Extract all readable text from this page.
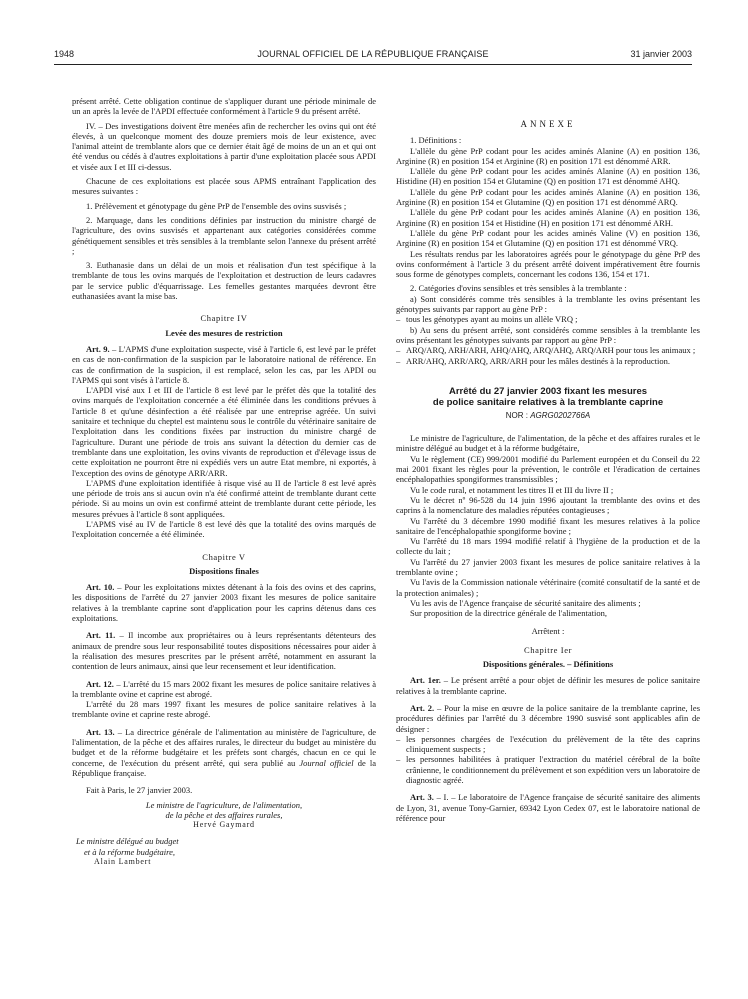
1948	JOURNAL OFFICIEL DE LA RÉPUBLIQUE FRANÇAISE	31 janvier 2003

présent arrêté. Cette obligation continue de s'appliquer durant une période minimale de un an après la levée de l'APDI effectuée conformément à l'article 9 du présent arrêté.

IV. – Des investigations doivent être menées afin de rechercher les ovins qui ont été élevés, à un quelconque moment des douze premiers mois de leur existence, avec l'animal atteint de tremblante alors que ce dernier était âgé de moins de un an et qui ont été vendus ou cédés à d'autres exploitations à partir d'une exploitation placée sous APDI et visée aux I et III ci-dessus.

Chacune de ces exploitations est placée sous APMS entraînant l'application des mesures suivantes :

1. Prélèvement et génotypage du gène PrP de l'ensemble des ovins susvisés ;

2. Marquage, dans les conditions définies par instruction du ministre chargé de l'agriculture, des ovins susvisés et appartenant aux catégories considérées comme génétiquement sensibles et très sensibles à la tremblante selon l'annexe du présent arrêté ;

3. Euthanasie dans un délai de un mois et réalisation d'un test spécifique à la tremblante de tous les ovins marqués de l'exploitation et destruction de leurs cadavres par le service public d'équarrissage. Les femelles gestantes marquées devront être euthanasiées avant la mise bas.

Chapitre IV
Levée des mesures de restriction

Art. 9. – L'APMS d'une exploitation suspecte, visé à l'article 6, est levé par le préfet en cas de non-confirmation de la suspicion par le laboratoire national de référence. En cas de confirmation de la suspicion, il est remplacé, selon les cas, par les APDI ou l'APMS qui sont visés à l'article 8.

L'APDI visé aux I et III de l'article 8 est levé par le préfet dès que la totalité des ovins marqués de l'exploitation concernée a été éliminée dans les conditions prévues à l'article 8 et qu'une désinfection a été réalisée par une entreprise agréée. Un suivi sanitaire et technique du cheptel est maintenu sous le contrôle du vétérinaire sanitaire de l'exploitation dans les conditions fixées par instruction du ministre chargé de l'agriculture. Durant une période de trois ans suivant la détection du dernier cas de tremblante dans une exploitation, les ovins vivants de reproduction et d'élevage issus de cette exploitation ne pourront être ni expédiés vers un autre Etat membre, ni exportés, à l'exception des ovins de génotype ARR/ARR.

L'APMS d'une exploitation identifiée à risque visé au II de l'article 8 est levé après une période de trois ans si aucun ovin n'a été confirmé atteint de tremblante durant cette période. Si au moins un ovin est confirmé atteint de tremblante durant cette période, les mesures prévues à l'article 8 sont appliquées.

L'APMS visé au IV de l'article 8 est levé dès que la totalité des ovins marqués de l'exploitation concernée a été éliminée.

Chapitre V
Dispositions finales

Art. 10. – Pour les exploitations mixtes détenant à la fois des ovins et des caprins, les dispositions de l'arrêté du 27 janvier 2003 fixant les mesures de police sanitaire relatives à la tremblante caprine sont d'application pour les caprins détenus dans ces exploitations.

Art. 11. – Il incombe aux propriétaires ou à leurs représentants détenteurs des animaux de prendre sous leur responsabilité toutes dispositions nécessaires pour aider à la réalisation des mesures prescrites par le présent arrêté, notamment en assurant la contention de leurs animaux, ainsi que leur recensement et leur identification.

Art. 12. – L'arrêté du 15 mars 2002 fixant les mesures de police sanitaire relatives à la tremblante ovine et caprine est abrogé.

L'arrêté du 28 mars 1997 fixant les mesures de police sanitaire relatives à la tremblante ovine et caprine reste abrogé.

Art. 13. – La directrice générale de l'alimentation au ministère de l'agriculture, de l'alimentation, de la pêche et des affaires rurales, le directeur du budget au ministère du budget et de la réforme budgétaire et les préfets sont chargés, chacun en ce qui le concerne, de l'exécution du présent arrêté, qui sera publié au Journal officiel de la République française.

Fait à Paris, le 27 janvier 2003.

Le ministre de l'agriculture, de l'alimentation,
de la pêche et des affaires rurales,
Hervé Gaymard
Le ministre délégué au budget
et à la réforme budgétaire,
Alain Lambert
ANNEXE

1. Définitions :

L'allèle du gène PrP codant pour les acides aminés Alanine (A) en position 136, Arginine (R) en position 154 et Arginine (R) en position 171 est dénommé ARR.

L'allèle du gène PrP codant pour les acides aminés Alanine (A) en position 136, Histidine (H) en position 154 et Glutamine (Q) en position 171 est dénommé AHQ.

L'allèle du gène PrP codant pour les acides aminés Alanine (A) en position 136, Arginine (R) en position 154 et Glutamine (Q) en position 171 est dénommé ARQ.

L'allèle du gène PrP codant pour les acides aminés Alanine (A) en position 136, Arginine (R) en position 154 et Histidine (H) en position 171 est dénommé ARH.

L'allèle du gène PrP codant pour les acides aminés Valine (V) en position 136, Arginine (R) en position 154 et Glutamine (Q) en position 171 est dénommé VRQ.

Les résultats rendus par les laboratoires agréés pour le génotypage du gène PrP des ovins conformément à l'article 3 du présent arrêté doivent impérativement être fournis sous forme de génotypes complets, concernant les codons 136, 154 et 171.

2. Catégories d'ovins sensibles et très sensibles à la tremblante :

a) Sont considérés comme très sensibles à la tremblante les ovins présentant les génotypes suivants par rapport au gène PrP :

– tous les génotypes ayant au moins un allèle VRQ ;

b) Au sens du présent arrêté, sont considérés comme sensibles à la tremblante les ovins présentant les génotypes suivants par rapport au gène PrP :

– ARQ/ARQ, ARH/ARH, AHQ/AHQ, ARQ/AHQ, ARQ/ARH pour tous les animaux ;

– ARR/AHQ, ARR/ARQ, ARR/ARH pour les mâles destinés à la reproduction.

Arrêté du 27 janvier 2003 fixant les mesures
de police sanitaire relatives à la tremblante caprine
NOR : AGRG0202766A

Le ministre de l'agriculture, de l'alimentation, de la pêche et des affaires rurales et le ministre délégué au budget et à la réforme budgétaire,

Vu le règlement (CE) 999/2001 modifié du Parlement européen et du Conseil du 22 mai 2001 fixant les règles pour la prévention, le contrôle et l'éradication de certaines encéphalopathies spongiformes transmissibles ;

Vu le code rural, et notamment les titres II et III du livre II ;

Vu le décret nº 96-528 du 14 juin 1996 ajoutant la tremblante des ovins et des caprins à la nomenclature des maladies réputées contagieuses ;

Vu l'arrêté du 3 décembre 1990 modifié fixant les mesures relatives à la police sanitaire de l'encéphalopathie spongiforme bovine ;

Vu l'arrêté du 18 mars 1994 modifié relatif à l'hygiène de la production et de la collecte du lait ;

Vu l'arrêté du 27 janvier 2003 fixant les mesures de police sanitaire relatives à la tremblante ovine ;

Vu l'avis de la Commission nationale vétérinaire (comité consultatif de la santé et de la protection animales) ;

Vu les avis de l'Agence française de sécurité sanitaire des aliments ;

Sur proposition de la directrice générale de l'alimentation,

Arrêtent :
Chapitre Ier
Dispositions générales. – Définitions

Art. 1er. – Le présent arrêté a pour objet de définir les mesures de police sanitaire relatives à la tremblante caprine.

Art. 2. – Pour la mise en œuvre de la police sanitaire de la tremblante caprine, les procédures définies par l'arrêté du 3 décembre 1990 susvisé sont applicables afin de désigner :

– les personnes chargées de l'exécution du prélèvement de la tête des caprins cliniquement suspects ;

– les personnes habilitées à pratiquer l'extraction du matériel cérébral de la boîte crânienne, le conditionnement du prélèvement et son expédition vers un laboratoire de diagnostic agréé.

Art. 3. – I. – Le laboratoire de l'Agence française de sécurité sanitaire des aliments de Lyon, 31, avenue Tony-Garnier, 69342 Lyon Cedex 07, est le laboratoire national de référence pour
